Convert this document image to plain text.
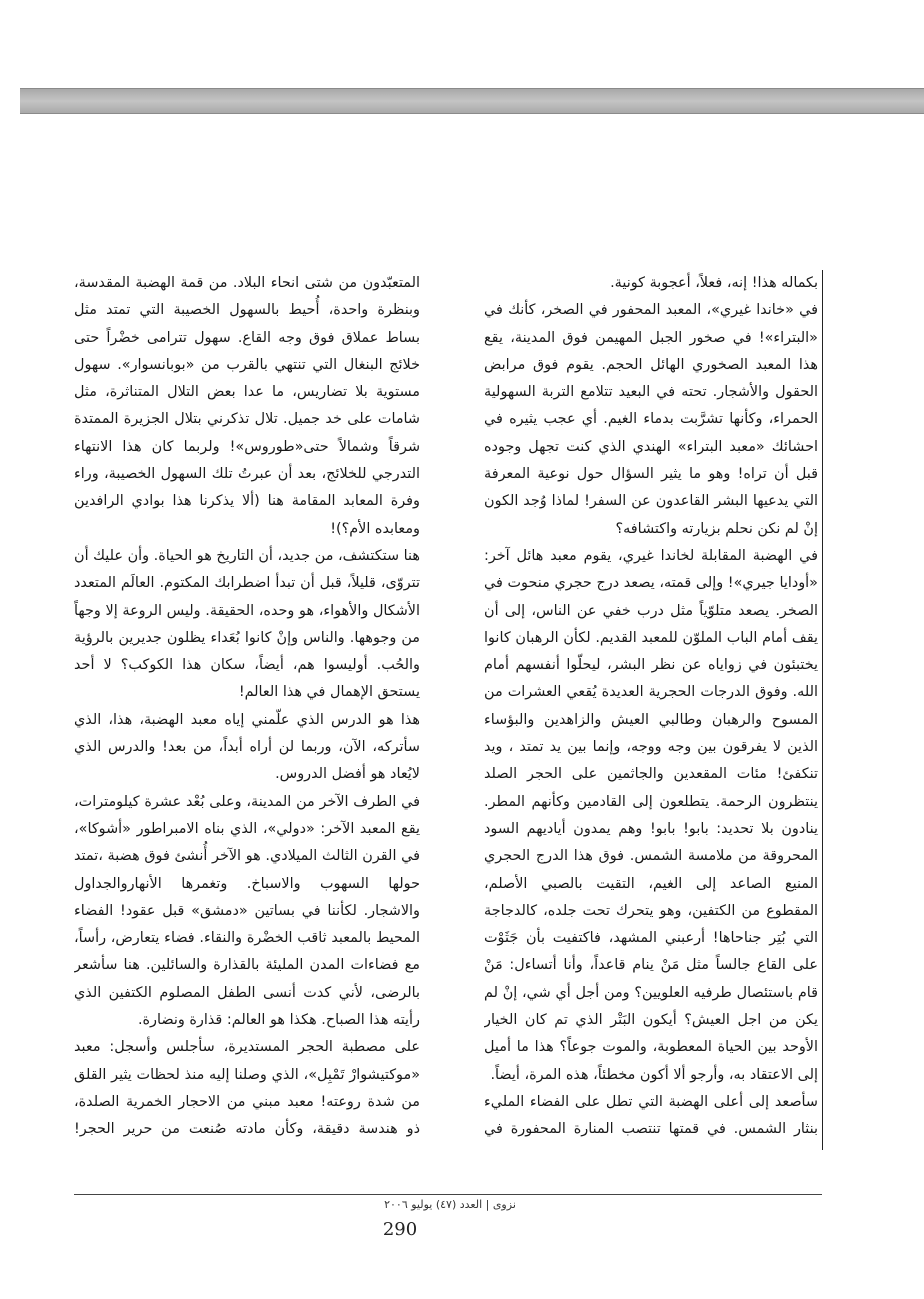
بكماله هذا! إنه، فعلاً، أعجوبة كونية.

في «خاندا غيري»، المعبد المحفور في الصخر، كأنك في «البتراء»! في صخور الجبل المهيمن فوق المدينة، يقع هذا المعبد الصخوري الهائل الحجم. يقوم فوق مرابض الحقول والأشجار. تحته في البعيد تتلامع التربة السهولية الحمراء، وكأنها تشرَّبت بدماء الغيم. أي عجب يثيره في احشائك «معبد البتراء» الهندي الذي كنت تجهل وجوده قبل أن تراه! وهو ما يثير السؤال حول نوعية المعرفة التي يدعيها البشر القاعدون عن السفر! لماذا وُجد الكون إنْ لم نكن نحلم بزيارته واكتشافه؟

في الهضبة المقابلة لخاندا غيري، يقوم معبد هائل آخر: «أودايا جيري»! وإلى قمته، يصعد درج حجري منحوت في الصخر. يصعد متلوّياً مثل درب خفي عن الناس، إلى أن يقف أمام الباب الملوّن للمعبد القديم. لكأن الرهبان كانوا يختبئون في زواياه عن نظر البشر، ليحلّوا أنفسهم أمام الله. وفوق الدرجات الحجرية العديدة يُقعي العشرات من المسوح والرهبان وطالبي العيش والزاهدين والبؤساء الذين لا يفرقون بين وجه ووجه، وإنما بين يد تمتد ، ويد تنكفئ! مئات المقعدين والجاثمين على الحجر الصلد ينتظرون الرحمة. يتطلعون إلى القادمين وكأنهم المطر. ينادون بلا تحديد: بابو! بابو! وهم يمدون أياديهم السود المحروقة من ملامسة الشمس. فوق هذا الدرج الحجري المنيع الصاعد إلى الغيم، التقيت بالصبي الأصلم، المقطوع من الكتفين، وهو يتحرك تحت جلده، كالدجاجة التي بُتِر جناحاها! أرعبني المشهد، فاكتفيت بأن جَثَوْت على القاع جالساً مثل مَنْ ينام قاعداً، وأنا أتساءل: مَنْ قام باستئصال طرفيه العلويين؟ ومن أجل أي شي، إنْ لم يكن من اجل العيش؟ أيكون البَتْر الذي تم كان الخيار الأوحد بين الحياة المعطوبة، والموت جوعاً؟ هذا ما أميل إلى الاعتقاد به، وأرجو ألا أكون مخطئاً، هذه المرة، أيضاً.

سأصعد إلى أعلى الهضبة التي تطل على الفضاء المليء بنثار الشمس. في قمتها تنتصب المنارة المحفورة في

المتعبّدون من شتى انحاء البلاد. من قمة الهضبة المقدسة، وبنظرة واحدة، أُحيط بالسهول الخصيبة التي تمتد مثل بساط عملاق فوق وجه القاع. سهول تترامى خضْراً حتى خلائج البنغال التي تنتهي بالقرب من «بوبانسوار». سهول مستوية بلا تضاريس، ما عدا بعض التلال المتناثرة، مثل شامات على خد جميل. تلال تذكرني بتلال الجزيرة الممتدة شرقاً وشمالاً حتى«طوروس»! ولربما كان هذا الانتهاء التدرجي للخلائج، بعد أن عبرتُ تلك السهول الخصيبة، وراء وفرة المعابد المقامة هنا (ألا يذكرنا هذا بوادي الرافدين ومعابده الأم؟)!

هنا ستكتشف، من جديد، أن التاريخ هو الحياة. وأن عليك أن تتروّى، قليلاً، قبل أن تبدأ اضطرابك المكتوم. العالَم المتعدد الأشكال والأهواء، هو وحده، الحقيقة. وليس الروعة إلا وجهاً من وجوهها. والناس وإنْ كانوا بُعَداء يظلون جديرين بالرؤية والحُب. أوليسوا هم، أيضاً، سكان هذا الكوكب؟ لا أحد يستحق الإهمال في هذا العالم!

هذا هو الدرس الذي علّمني إياه معبد الهضبة، هذا، الذي سأتركه، الآن، وربما لن أراه أبداً، من بعد! والدرس الذي لايُعاد هو أفضل الدروس.

في الطرف الآخر من المدينة، وعلى بُعْد عشرة كيلومترات، يقع المعبد الآخر: «دولي»، الذي بناه الامبراطور «أشوكا»، في القرن الثالث الميلادي. هو الآخر أُنشئ فوق هضبة ،تمتد حولها السهوب والاسباخ. وتغمرها الأنهاروالجداول والاشجار. لكأننا في بساتين «دمشق» قبل عقود! الفضاء المحيط بالمعبد ثاقب الخضْرة والنقاء. فضاء يتعارض، رأساً، مع فضاءات المدن المليئة بالقذارة والسائلين. هنا سأشعر بالرضى، لأني كدت أنسى الطفل المصلوم الكتفين الذي رأيته هذا الصباح. هكذا هو العالم: قذارة ونضارة.

على مصطبة الحجر المستديرة، سأجلس وأسجل: معبد «موكتيشوارْ تَمْبِل»، الذي وصلنا إليه منذ لحظات يثير القلق من شدة روعته! معبد مبني من الاحجار الخمرية الصلدة، ذو هندسة دقيقة، وكأن مادته صُنعت من حرير الحجر!

نزوى | العدد (٤٧) يوليو ٢٠٠٦
290
